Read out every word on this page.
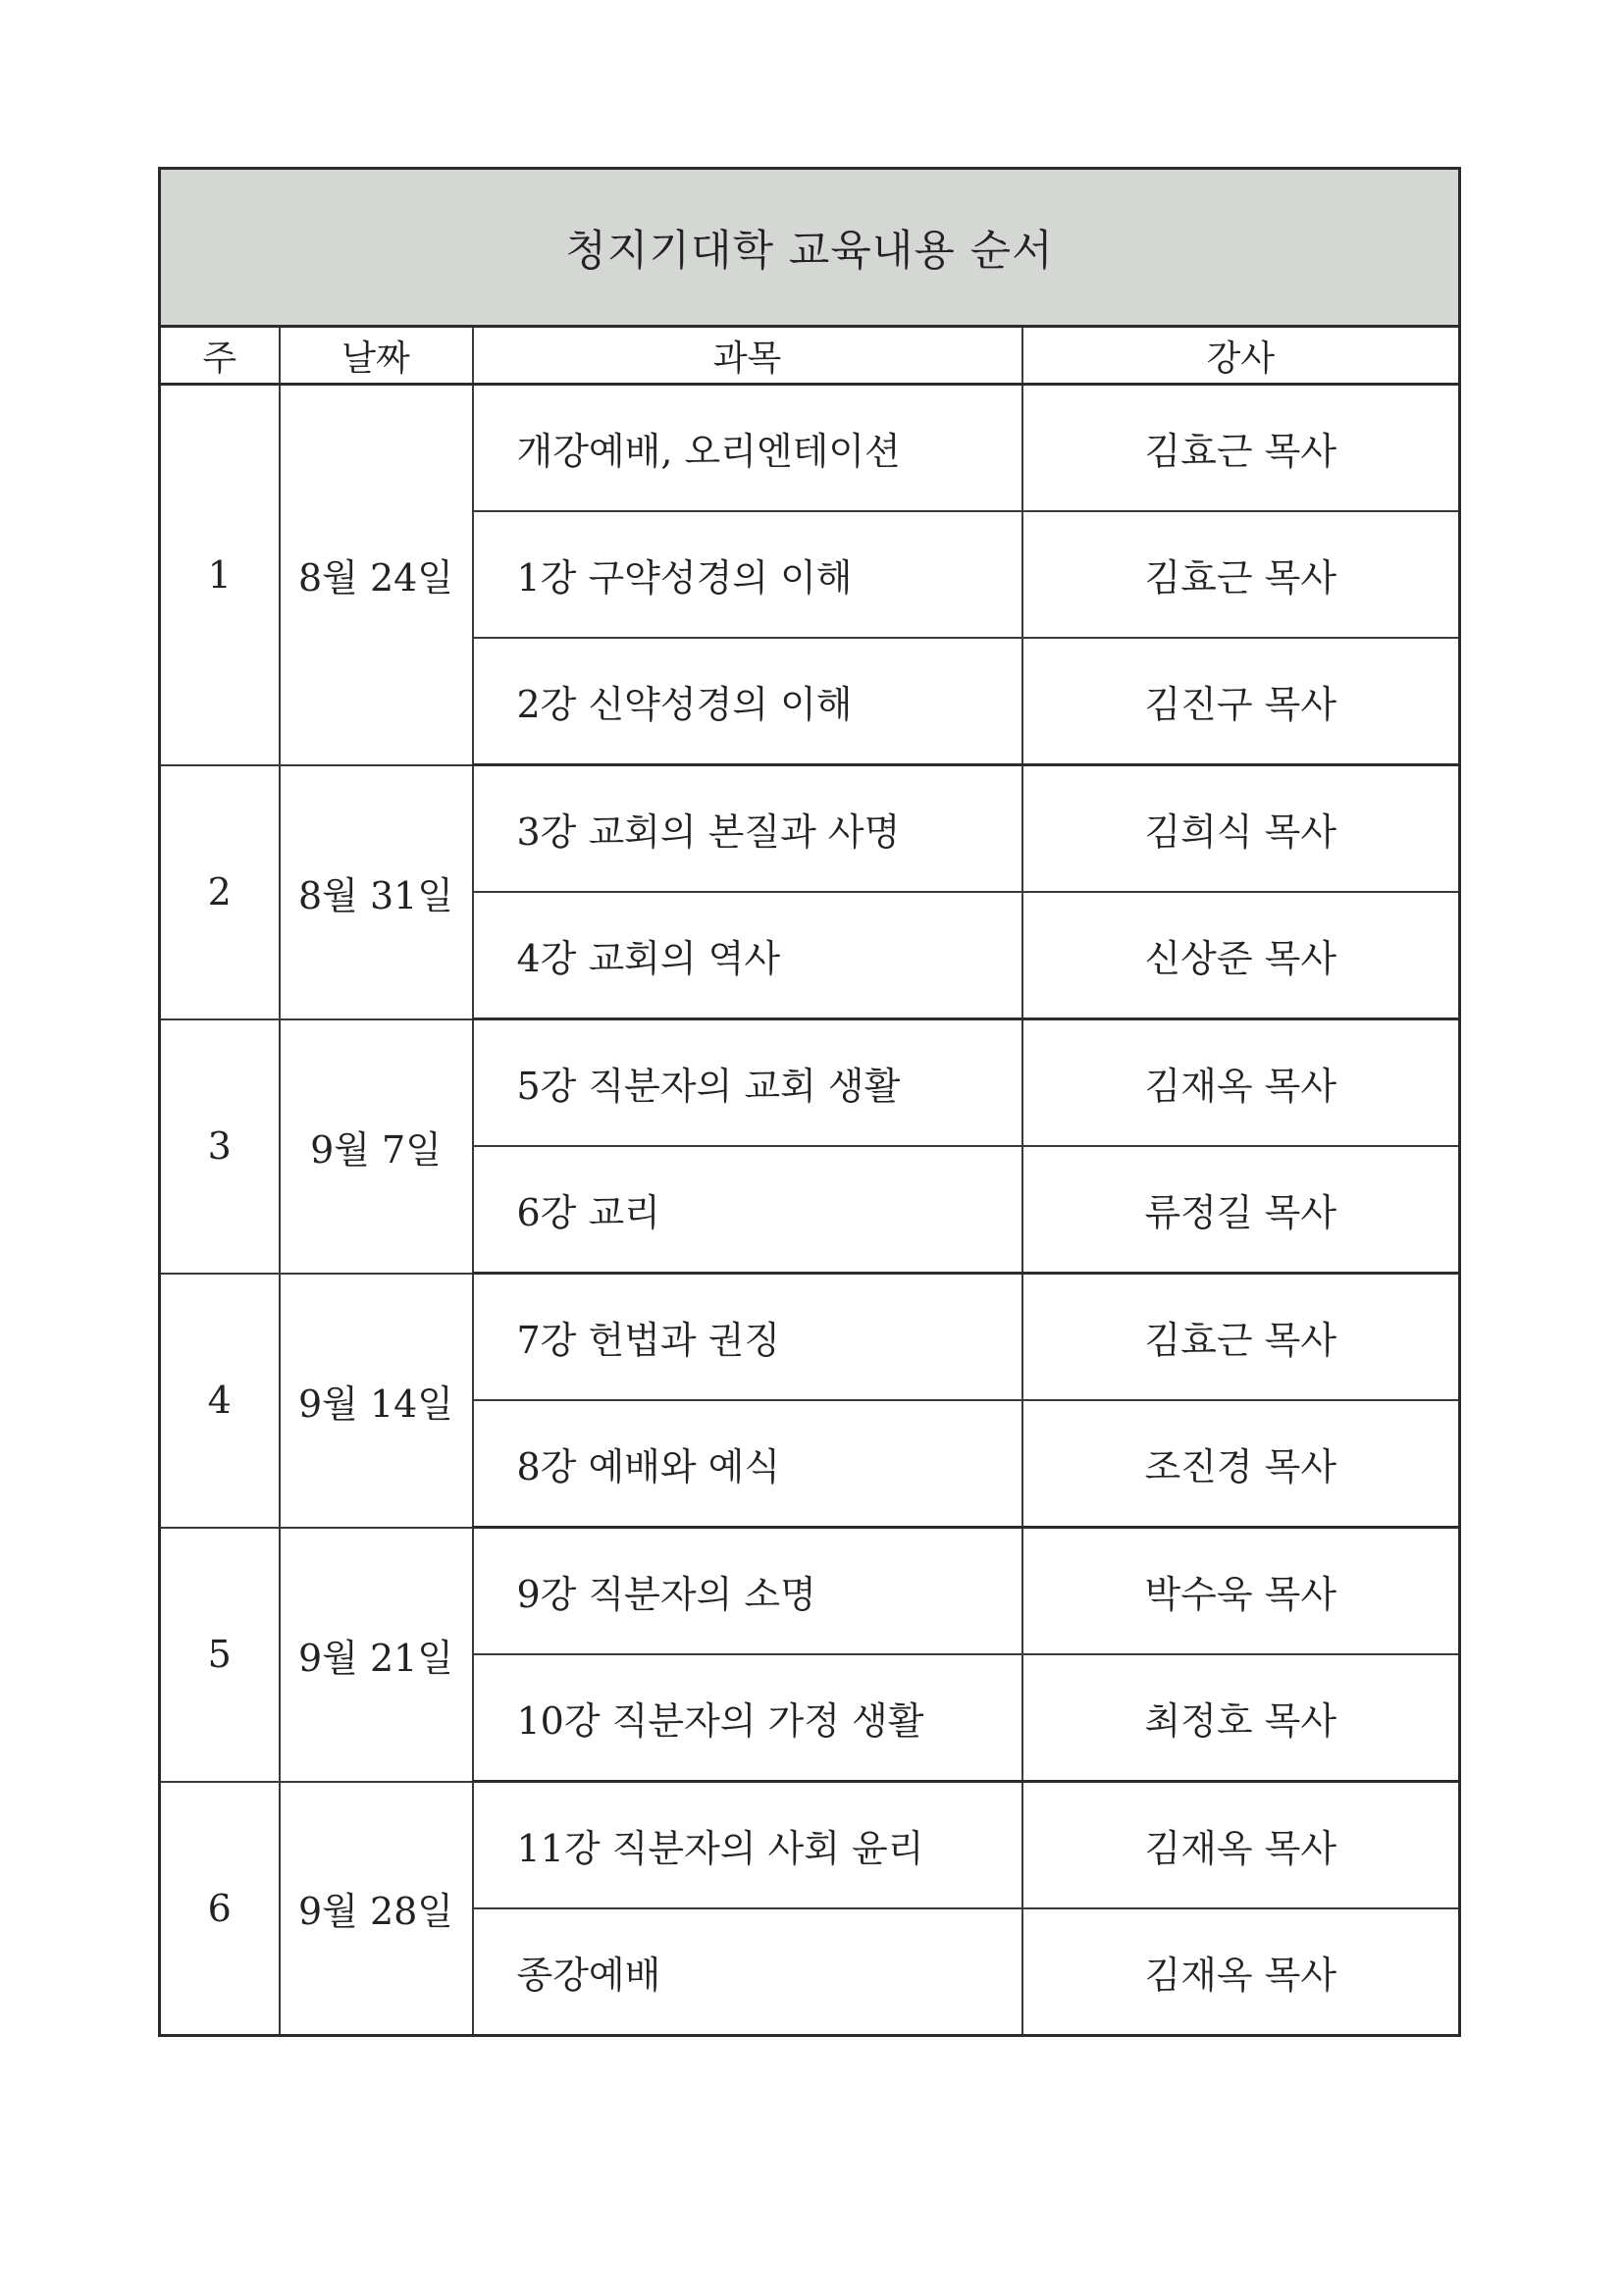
청지기대학 교육내용 순서			
주	날짜	과목	강사
1	8월 24일	개강예배, 오리엔테이션	김효근 목사
		1강 구약성경의 이해	김효근 목사
		2강 신약성경의 이해	김진구 목사
2	8월 31일	3강 교회의 본질과 사명	김희식 목사
		4강 교회의 역사	신상준 목사
3	9월 7일	5강 직분자의 교회 생활	김재옥 목사
		6강 교리	류정길 목사
4	9월 14일	7강 헌법과 권징	김효근 목사
		8강 예배와 예식	조진경 목사
5	9월 21일	9강 직분자의 소명	박수욱 목사
		10강 직분자의 가정 생활	최정호 목사
6	9월 28일	11강 직분자의 사회 윤리	김재옥 목사
		종강예배	김재옥 목사
